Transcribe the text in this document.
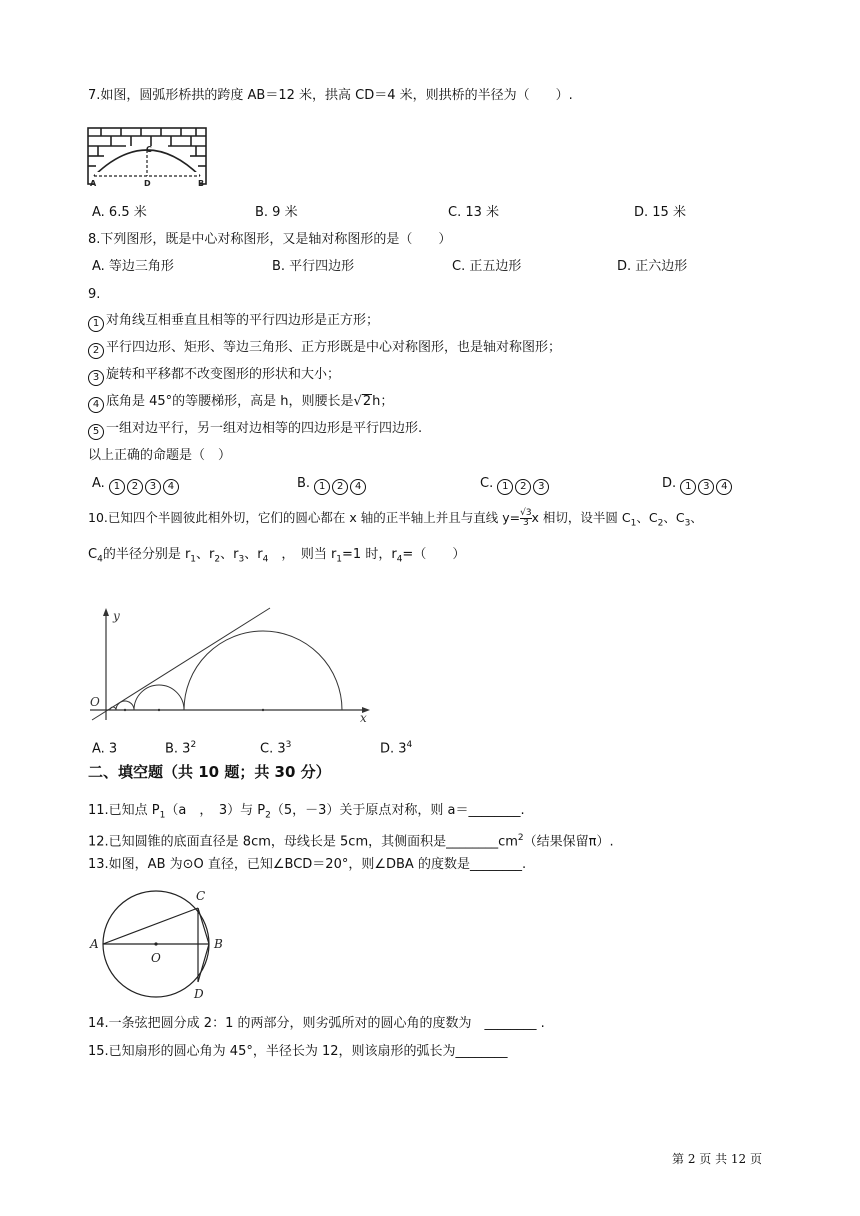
7.如图，圆弧形桥拱的跨度 AB＝12 米，拱高 CD＝4 米，则拱桥的半径为（　　）.
A	D	B
C
A. 6.5 米	B. 9 米	C. 13 米	D. 15 米
8.下列图形，既是中心对称图形，又是轴对称图形的是（　　）
A. 等边三角形	B. 平行四边形	C. 正五边形	D. 正六边形
9.
1 对角线互相垂直且相等的平行四边形是正方形；
2 平行四边形、矩形、等边三角形、正方形既是中心对称图形，也是轴对称图形；
3 旋转和平移都不改变图形的形状和大小；
4 底角是 45°的等腰梯形，高是 h，则腰长是√2h；
5 一组对边平行，另一组对边相等的四边形是平行四边形.
以上正确的命题是（　）
A. 1 2 3 4	B. 1 2 4	C. 1 2 3	D. 1 3 4
10.已知四个半圆彼此相外切，它们的圆心都在 x 轴的正半轴上并且与直线 $y= \frac{√3}{3}$ x 相切，设半圆 $C_1$、$C_2$、$C_3$、
$C_4$的半径分别是 $r_1$、$r_2$、$r_3$、$r_4$　，　则当 $r_1=1$ 时，$r_4=$（　　）
y
O
x
A. 3	B. $3^2$	C. $3^3$	D. $3^4$
二、填空题（共 10 题；共 30 分）
11.已知点 $P_1(a$　，　3）与 $P_2(5$，－3）关于原点对称，则 a＝________.
12.已知圆锥的底面直径是 8cm，母线长是 5cm，其侧面积是$\_\_\_\_\_\_\_\_cm^2$（结果保留π）.
13.如图，AB 为⊙O 直径，已知∠BCD＝20°，则∠DBA 的度数是________.
A	B
C
D
O
14.一条弦把圆分成 2：1 的两部分，则劣弧所对的圆心角的度数为　________ .
15.已知扇形的圆心角为 45°，半径长为 12，则该扇形的弧长为________
第 2 页 共 12 页
